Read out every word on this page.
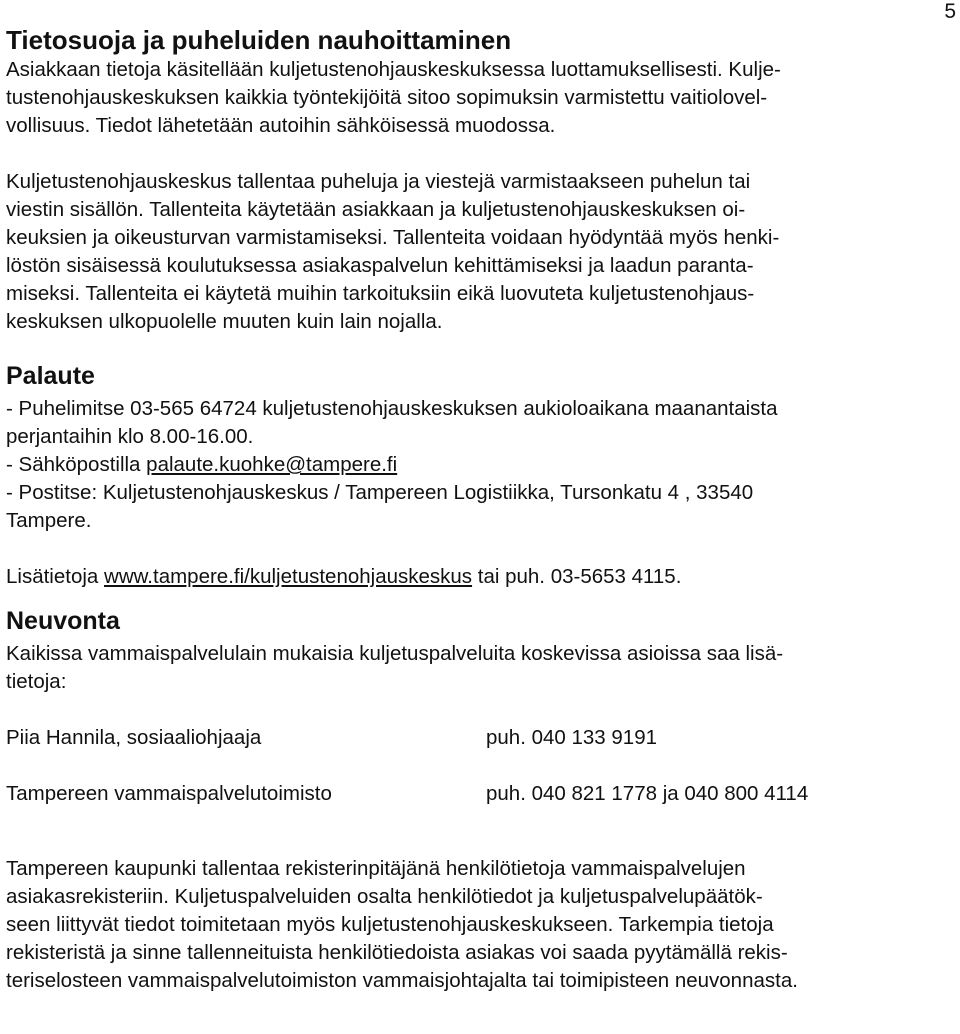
5
Tietosuoja ja puheluiden nauhoittaminen

Asiakkaan tietoja käsitellään kuljetustenohjauskeskuksessa luottamuksellisesti. Kulje-
tustenohjauskeskuksen kaikkia työntekijöitä sitoo sopimuksin varmistettu vaitiolovel-
vollisuus. Tiedot lähetetään autoihin sähköisessä muodossa.

Kuljetustenohjauskeskus tallentaa puheluja ja viestejä varmistaakseen puhelun tai
viestin sisällön. Tallenteita käytetään asiakkaan ja kuljetustenohjauskeskuksen oi-
keuksien ja oikeusturvan varmistamiseksi. Tallenteita voidaan hyödyntää myös henki-
löstön sisäisessä koulutuksessa asiakaspalvelun kehittämiseksi ja laadun paranta-
miseksi. Tallenteita ei käytetä muihin tarkoituksiin eikä luovuteta kuljetustenohjaus-
keskuksen ulkopuolelle muuten kuin lain nojalla.

Palaute

- Puhelimitse 03-565 64724 kuljetustenohjauskeskuksen aukioloaikana maanantaista
perjantaihin klo 8.00-16.00.

- Sähköpostilla palaute.kuohke@tampere.fi

- Postitse: Kuljetustenohjauskeskus / Tampereen Logistiikka, Tursonkatu 4 , 33540
Tampere.

Lisätietoja www.tampere.fi/kuljetustenohjauskeskus tai puh. 03-5653 4115.

Neuvonta

Kaikissa vammaispalvelulain mukaisia kuljetuspalveluita koskevissa asioissa saa lisä-
tietoja:

Piia Hannila, sosiaaliohjaaja	puh. 040 133 9191
Tampereen vammaispalvelutoimisto	puh. 040 821 1778 ja 040 800 4114

Tampereen kaupunki tallentaa rekisterinpitäjänä henkilötietoja vammaispalvelujen
asiakasrekisteriin. Kuljetuspalveluiden osalta henkilötiedot ja kuljetuspalvelupäätök-
seen liittyvät tiedot toimitetaan myös kuljetustenohjauskeskukseen. Tarkempia tietoja
rekisteristä ja sinne tallenneituista henkilötiedoista asiakas voi saada pyytämällä rekis-
teriselosteen vammaispalvelutoimiston vammaisjohtajalta tai toimipisteen neuvonnasta.
